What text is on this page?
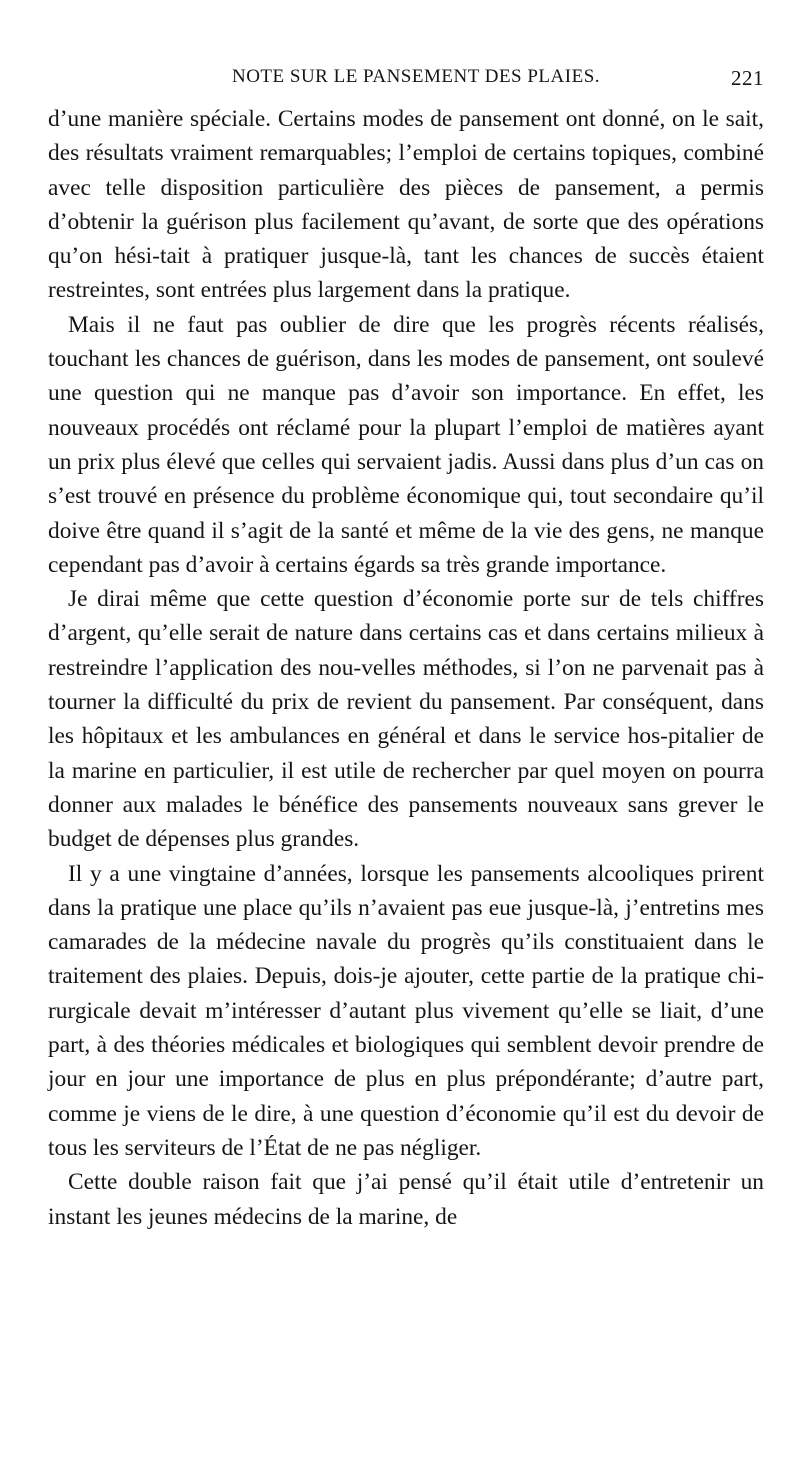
NOTE SUR LE PANSEMENT DES PLAIES.	221

d’une manière spéciale. Certains modes de pansement ont donné, on le sait, des résultats vraiment remarquables; l’emploi de certains topiques, combiné avec telle disposition particulière des pièces de pansement, a permis d’obtenir la guérison plus facilement qu’avant, de sorte que des opérations qu’on hési-tait à pratiquer jusque-là, tant les chances de succès étaient restreintes, sont entrées plus largement dans la pratique.

Mais il ne faut pas oublier de dire que les progrès récents réalisés, touchant les chances de guérison, dans les modes de pansement, ont soulevé une question qui ne manque pas d’avoir son importance. En effet, les nouveaux procédés ont réclamé pour la plupart l’emploi de matières ayant un prix plus élevé que celles qui servaient jadis. Aussi dans plus d’un cas on s’est trouvé en présence du problème économique qui, tout secondaire qu’il doive être quand il s’agit de la santé et même de la vie des gens, ne manque cependant pas d’avoir à certains égards sa très grande importance.

Je dirai même que cette question d’économie porte sur de tels chiffres d’argent, qu’elle serait de nature dans certains cas et dans certains milieux à restreindre l’application des nou-velles méthodes, si l’on ne parvenait pas à tourner la difficulté du prix de revient du pansement. Par conséquent, dans les hôpitaux et les ambulances en général et dans le service hos-pitalier de la marine en particulier, il est utile de rechercher par quel moyen on pourra donner aux malades le bénéfice des pansements nouveaux sans grever le budget de dépenses plus grandes.

Il y a une vingtaine d’années, lorsque les pansements alcooliques prirent dans la pratique une place qu’ils n’avaient pas eue jusque-là, j’entretins mes camarades de la médecine navale du progrès qu’ils constituaient dans le traitement des plaies. Depuis, dois-je ajouter, cette partie de la pratique chi-rurgicale devait m’intéresser d’autant plus vivement qu’elle se liait, d’une part, à des théories médicales et biologiques qui semblent devoir prendre de jour en jour une importance de plus en plus prépondérante; d’autre part, comme je viens de le dire, à une question d’économie qu’il est du devoir de tous les serviteurs de l’État de ne pas négliger.

Cette double raison fait que j’ai pensé qu’il était utile d’entretenir un instant les jeunes médecins de la marine, de
